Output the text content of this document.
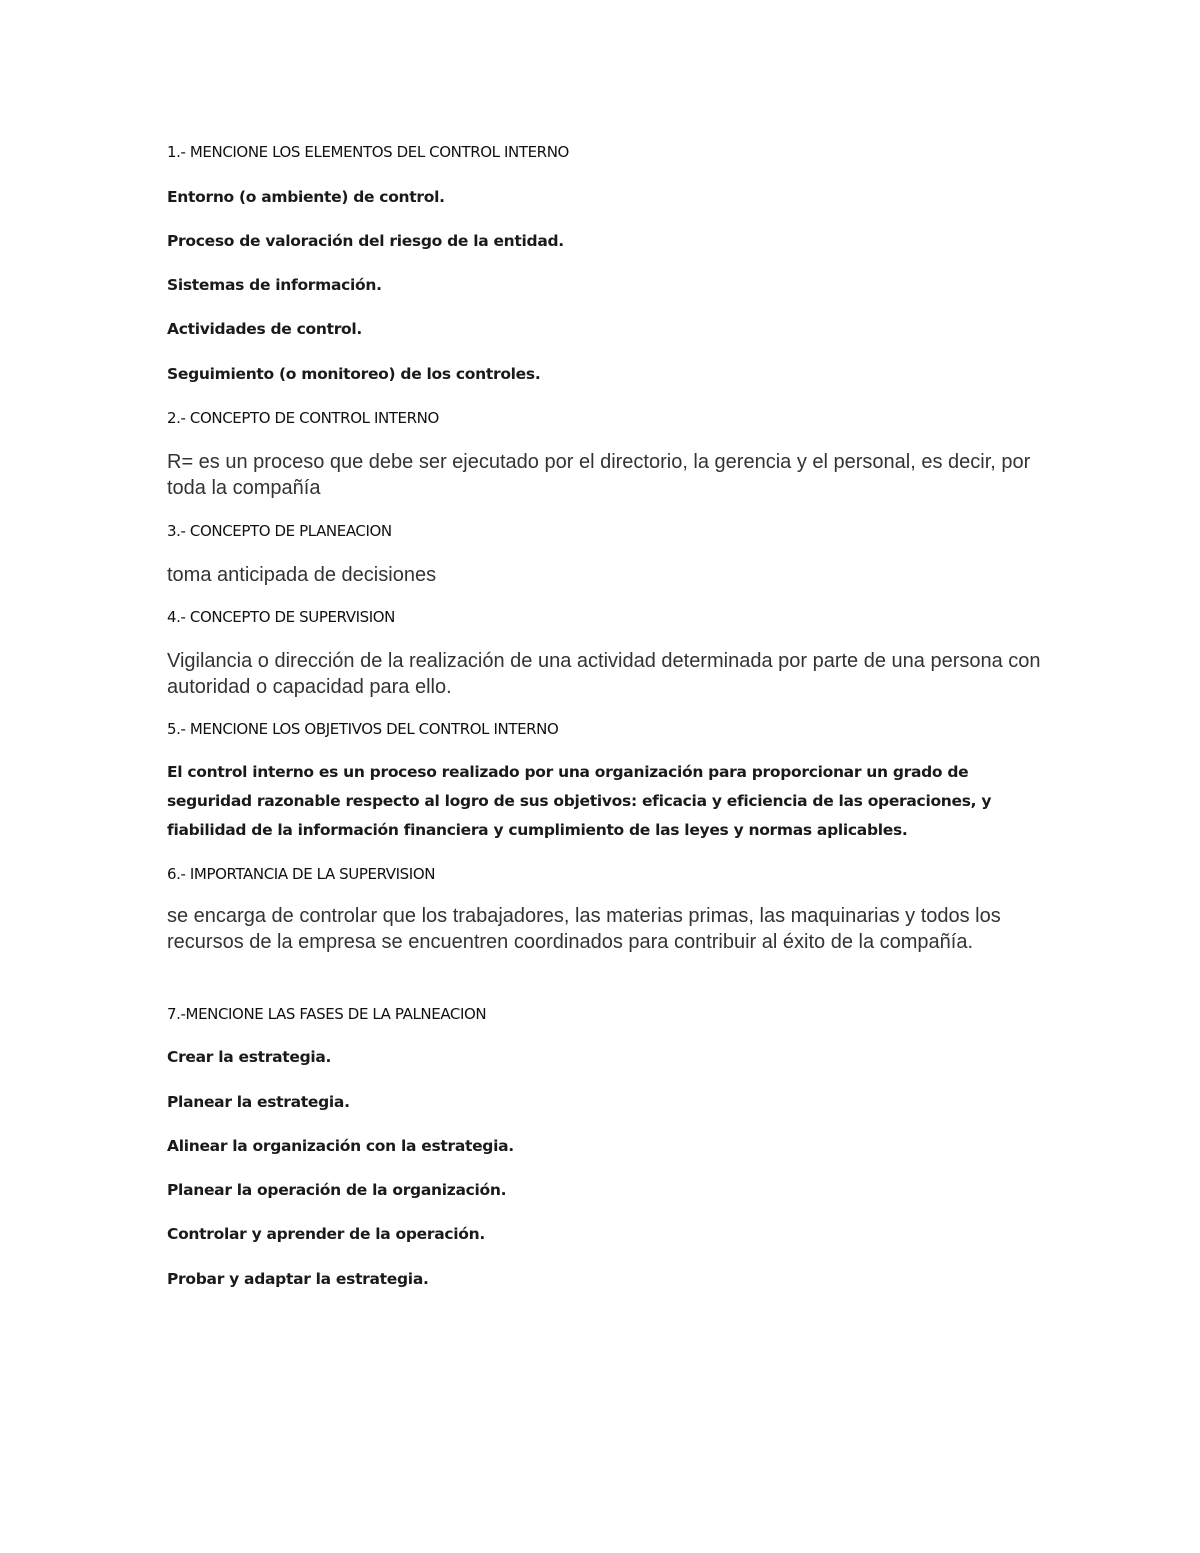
1.- MENCIONE LOS ELEMENTOS DEL CONTROL INTERNO

Entorno (o ambiente) de control.

Proceso de valoración del riesgo de la entidad.

Sistemas de información.

Actividades de control.

Seguimiento (o monitoreo) de los controles.

2.- CONCEPTO DE CONTROL INTERNO

R= es un proceso que debe ser ejecutado por el directorio, la gerencia y el personal, es decir, por toda la compañía

3.- CONCEPTO DE PLANEACION

toma anticipada de decisiones

4.- CONCEPTO DE SUPERVISION

Vigilancia o dirección de la realización de una actividad determinada por parte de una persona con autoridad o capacidad para ello.

5.- MENCIONE LOS OBJETIVOS DEL CONTROL INTERNO

El control interno es un proceso realizado por una organización para proporcionar un grado de seguridad razonable respecto al logro de sus objetivos: eficacia y eficiencia de las operaciones, y fiabilidad de la información financiera y cumplimiento de las leyes y normas aplicables.

6.- IMPORTANCIA DE LA SUPERVISION

se encarga de controlar que los trabajadores, las materias primas, las maquinarias y todos los recursos de la empresa se encuentren coordinados para contribuir al éxito de la compañía.

7.-MENCIONE LAS FASES DE LA PALNEACION

Crear la estrategia.

Planear la estrategia.

Alinear la organización con la estrategia.

Planear la operación de la organización.

Controlar y aprender de la operación.

Probar y adaptar la estrategia.
